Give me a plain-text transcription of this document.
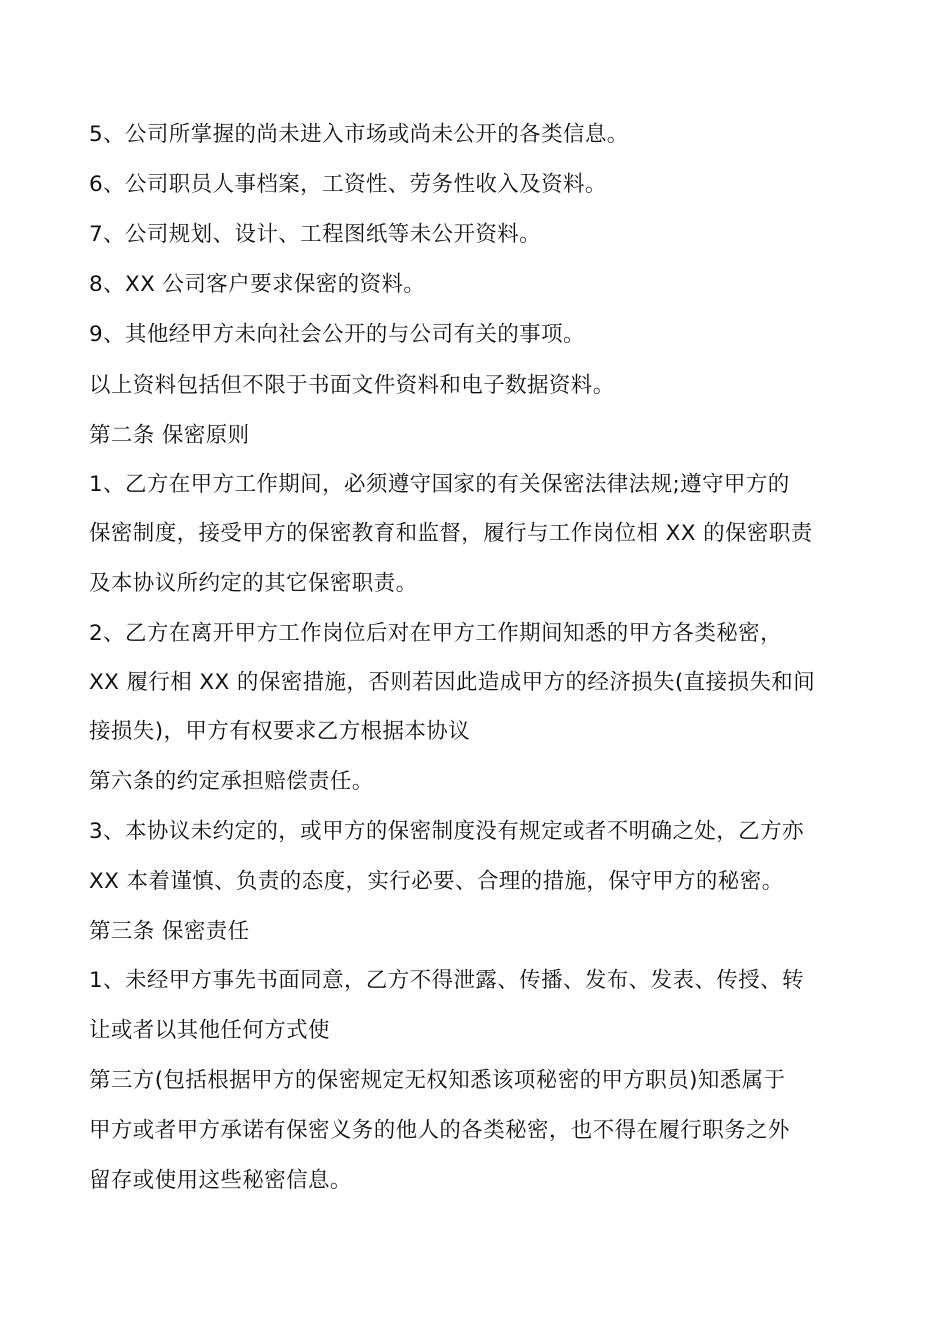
5、公司所掌握的尚未进入市场或尚未公开的各类信息。
6、公司职员人事档案，工资性、劳务性收入及资料。
7、公司规划、设计、工程图纸等未公开资料。
8、XX 公司客户要求保密的资料。
9、其他经甲方未向社会公开的与公司有关的事项。
以上资料包括但不限于书面文件资料和电子数据资料。
第二条 保密原则
1、乙方在甲方工作期间，必须遵守国家的有关保密法律法规;遵守甲方的
保密制度，接受甲方的保密教育和监督，履行与工作岗位相 XX 的保密职责
及本协议所约定的其它保密职责。
2、乙方在离开甲方工作岗位后对在甲方工作期间知悉的甲方各类秘密，
XX 履行相 XX 的保密措施，否则若因此造成甲方的经济损失(直接损失和间
接损失)，甲方有权要求乙方根据本协议
第六条的约定承担赔偿责任。
3、本协议未约定的，或甲方的保密制度没有规定或者不明确之处，乙方亦
XX 本着谨慎、负责的态度，实行必要、合理的措施，保守甲方的秘密。
第三条 保密责任
1、未经甲方事先书面同意，乙方不得泄露、传播、发布、发表、传授、转
让或者以其他任何方式使
第三方(包括根据甲方的保密规定无权知悉该项秘密的甲方职员)知悉属于
甲方或者甲方承诺有保密义务的他人的各类秘密，也不得在履行职务之外
留存或使用这些秘密信息。
